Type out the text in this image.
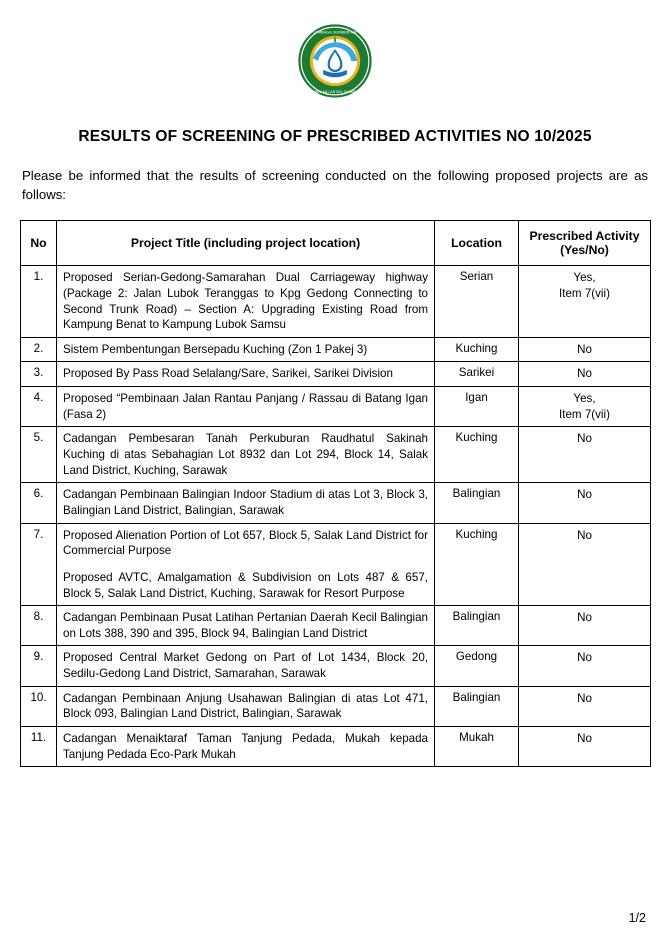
LEMBAGA SUMBER AIR
(KAWALAN LANTAS) SARAWAK
RESULTS OF SCREENING OF PRESCRIBED ACTIVITIES NO 10/2025

Please be informed that the results of screening conducted on the following proposed projects are as follows:

No	Project Title (including project location)	Location	Prescribed Activity (Yes/No)
1.	Proposed Serian-Gedong-Samarahan Dual Carriageway highway (Package 2: Jalan Lubok Teranggas to Kpg Gedong Connecting to Second Trunk Road) – Section A: Upgrading Existing Road from Kampung Benat to Kampung Lubok Samsu	Serian	Yes,
Item 7(vii)

2.	Sistem Pembentungan Bersepadu Kuching (Zon 1 Pakej 3)	Kuching	No

3.	Proposed By Pass Road Selalang/Sare, Sarikei, Sarikei Division	Sarikei	No

4.	Proposed “Pembinaan Jalan Rantau Panjang / Rassau di Batang Igan (Fasa 2)	Igan	Yes,
Item 7(vii)

5.	Cadangan Pembesaran Tanah Perkuburan Raudhatul Sakinah Kuching di atas Sebahagian Lot 8932 dan Lot 294, Block 14, Salak Land District, Kuching, Sarawak	Kuching	No

6.	Cadangan Pembinaan Balingian Indoor Stadium di atas Lot 3, Block 3, Balingian Land District, Balingian, Sarawak	Balingian	No

7.	Proposed Alienation Portion of Lot 657, Block 5, Salak Land District for Commercial Purpose

Proposed AVTC, Amalgamation & Subdivision on Lots 487 & 657, Block 5, Salak Land District, Kuching, Sarawak for Resort Purpose	Kuching	No

8.	Cadangan Pembinaan Pusat Latihan Pertanian Daerah Kecil Balingian on Lots 388, 390 and 395, Block 94, Balingian Land District	Balingian	No

9.	Proposed Central Market Gedong on Part of Lot 1434, Block 20, Sedilu-Gedong Land District, Samarahan, Sarawak	Gedong	No

10.	Cadangan Pembinaan Anjung Usahawan Balingian di atas Lot 471, Block 093, Balingian Land District, Balingian, Sarawak	Balingian	No

11.	Cadangan Menaiktaraf Taman Tanjung Pedada, Mukah kepada Tanjung Pedada Eco-Park Mukah	Mukah	No
1/2
